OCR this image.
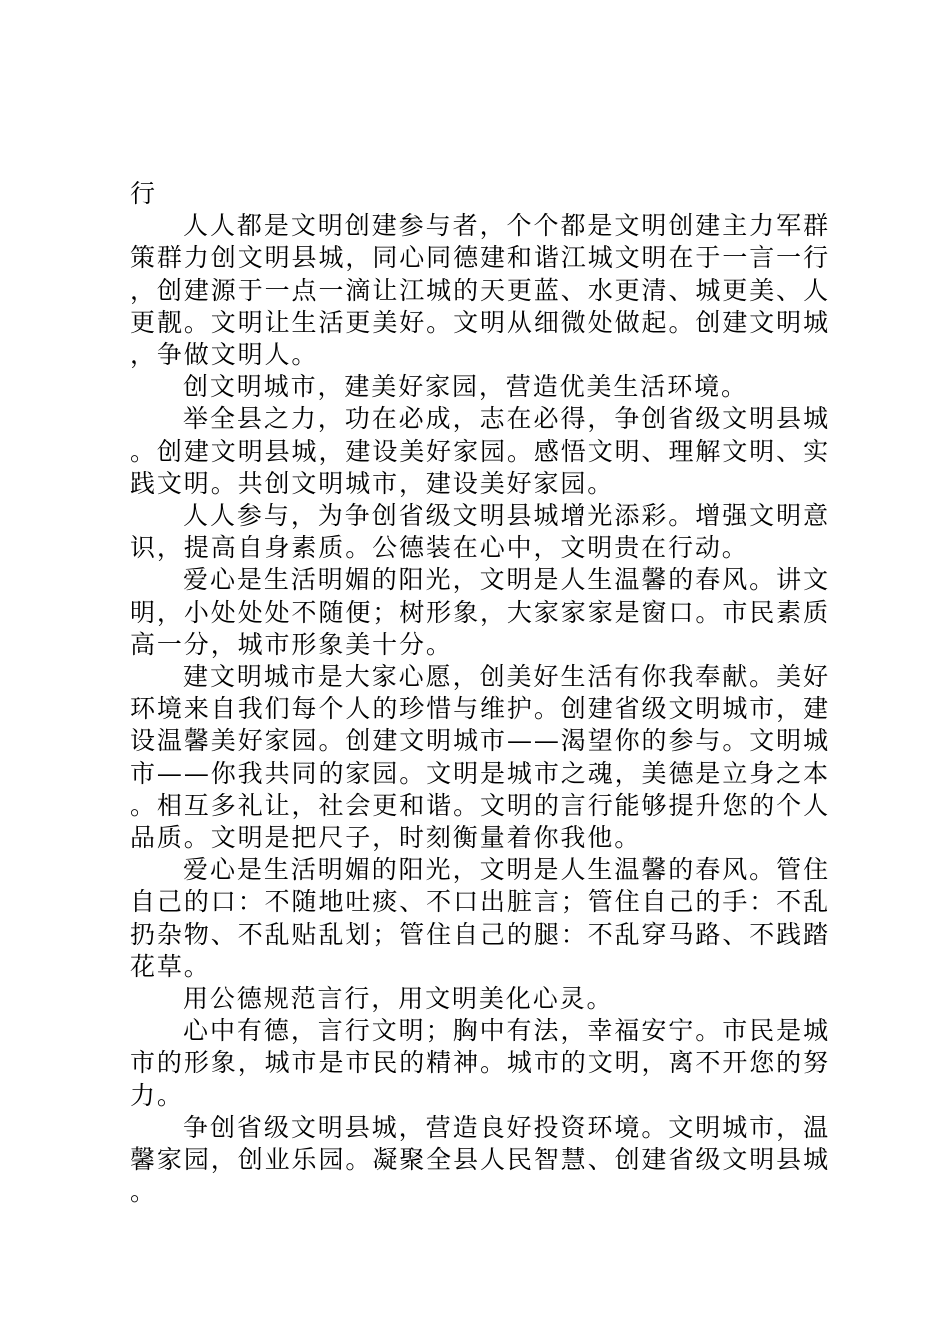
行

人人都是文明创建参与者，个个都是文明创建主力军群策群力创文明县城，同心同德建和谐江城文明在于一言一行，创建源于一点一滴让江城的天更蓝、水更清、城更美、人更靓。文明让生活更美好。文明从细微处做起。创建文明城，争做文明人。

创文明城市，建美好家园，营造优美生活环境。

举全县之力，功在必成，志在必得，争创省级文明县城。创建文明县城，建设美好家园。感悟文明、理解文明、实践文明。共创文明城市，建设美好家园。

人人参与，为争创省级文明县城增光添彩。增强文明意识，提高自身素质。公德装在心中，文明贵在行动。

爱心是生活明媚的阳光，文明是人生温馨的春风。讲文明，小处处处不随便；树形象，大家家家是窗口。市民素质高一分，城市形象美十分。

建文明城市是大家心愿，创美好生活有你我奉献。美好环境来自我们每个人的珍惜与维护。创建省级文明城市，建设温馨美好家园。创建文明城市——渴望你的参与。文明城市——你我共同的家园。文明是城市之魂，美德是立身之本。相互多礼让，社会更和谐。文明的言行能够提升您的个人品质。文明是把尺子，时刻衡量着你我他。

爱心是生活明媚的阳光，文明是人生温馨的春风。管住自己的口：不随地吐痰、不口出脏言；管住自己的手：不乱扔杂物、不乱贴乱划；管住自己的腿：不乱穿马路、不践踏花草。

用公德规范言行，用文明美化心灵。

心中有德，言行文明；胸中有法，幸福安宁。市民是城市的形象，城市是市民的精神。城市的文明，离不开您的努力。

争创省级文明县城，营造良好投资环境。文明城市，温馨家园，创业乐园。凝聚全县人民智慧、创建省级文明县城。
